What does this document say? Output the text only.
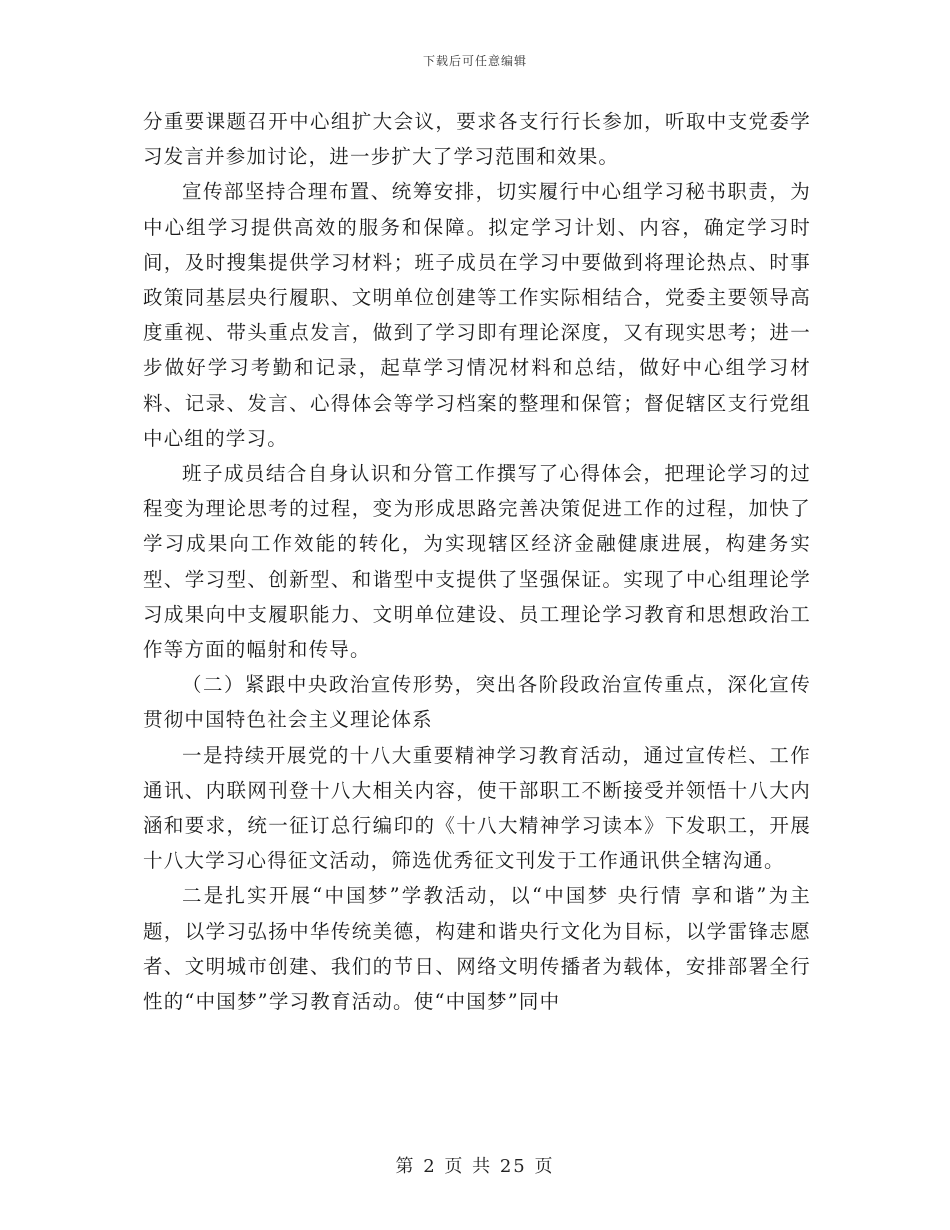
下载后可任意编辑

分重要课题召开中心组扩大会议，要求各支行行长参加，听取中支党委学习发言并参加讨论，进一步扩大了学习范围和效果。

宣传部坚持合理布置、统筹安排，切实履行中心组学习秘书职责，为中心组学习提供高效的服务和保障。拟定学习计划、内容，确定学习时间，及时搜集提供学习材料；班子成员在学习中要做到将理论热点、时事政策同基层央行履职、文明单位创建等工作实际相结合，党委主要领导高度重视、带头重点发言，做到了学习即有理论深度，又有现实思考；进一步做好学习考勤和记录，起草学习情况材料和总结，做好中心组学习材料、记录、发言、心得体会等学习档案的整理和保管；督促辖区支行党组中心组的学习。

班子成员结合自身认识和分管工作撰写了心得体会，把理论学习的过程变为理论思考的过程，变为形成思路完善决策促进工作的过程，加快了学习成果向工作效能的转化，为实现辖区经济金融健康进展，构建务实型、学习型、创新型、和谐型中支提供了坚强保证。实现了中心组理论学习成果向中支履职能力、文明单位建设、员工理论学习教育和思想政治工作等方面的幅射和传导。

（二）紧跟中央政治宣传形势，突出各阶段政治宣传重点，深化宣传贯彻中国特色社会主义理论体系

一是持续开展党的十八大重要精神学习教育活动，通过宣传栏、工作通讯、内联网刊登十八大相关内容，使干部职工不断接受并领悟十八大内涵和要求，统一征订总行编印的《十八大精神学习读本》下发职工，开展十八大学习心得征文活动，筛选优秀征文刊发于工作通讯供全辖沟通。

二是扎实开展“中国梦”学教活动，以“中国梦 央行情 享和谐”为主题，以学习弘扬中华传统美德，构建和谐央行文化为目标，以学雷锋志愿者、文明城市创建、我们的节日、网络文明传播者为载体，安排部署全行性的“中国梦”学习教育活动。使“中国梦”同中

第 2 页 共 25 页
